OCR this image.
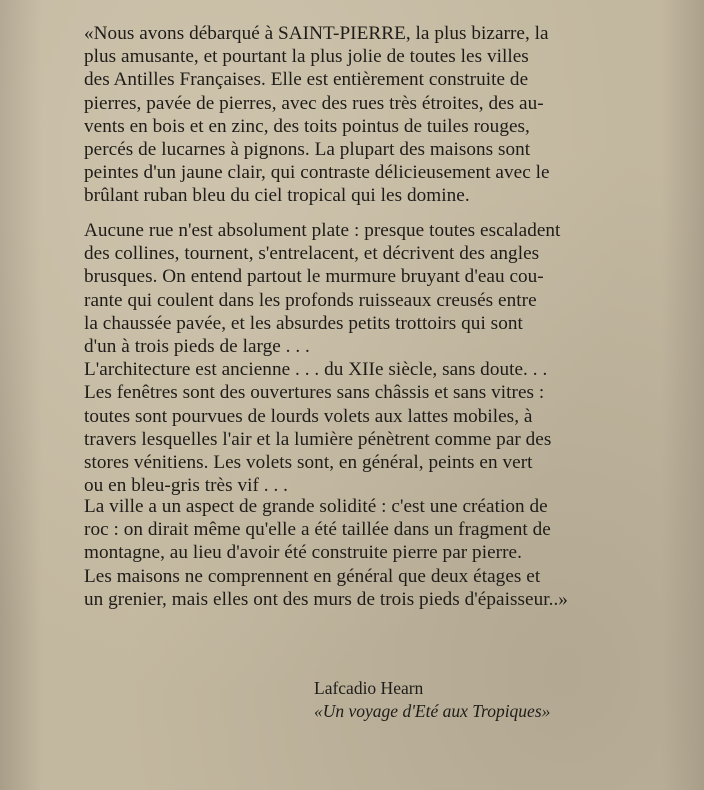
«Nous avons débarqué à SAINT-PIERRE, la plus bizarre, la
plus amusante, et pourtant la plus jolie de toutes les villes
des Antilles Françaises. Elle est entièrement construite de
pierres, pavée de pierres, avec des rues très étroites, des au-
vents en bois et en zinc, des toits pointus de tuiles rouges,
percés de lucarnes à pignons. La plupart des maisons sont
peintes d'un jaune clair, qui contraste délicieusement avec le
brûlant ruban bleu du ciel tropical qui les domine.
Aucune rue n'est absolument plate : presque toutes escaladent
des collines, tournent, s'entrelacent, et décrivent des angles
brusques. On entend partout le murmure bruyant d'eau cou-
rante qui coulent dans les profonds ruisseaux creusés entre
la chaussée pavée, et les absurdes petits trottoirs qui sont
d'un à trois pieds de large . . .
L'architecture est ancienne . . . du XIIe siècle, sans doute. . .
Les fenêtres sont des ouvertures sans châssis et sans vitres :
toutes sont pourvues de lourds volets aux lattes mobiles, à
travers lesquelles l'air et la lumière pénètrent comme par des
stores vénitiens. Les volets sont, en général, peints en vert
ou en bleu-gris très vif . . .
La ville a un aspect de grande solidité : c'est une création de
roc : on dirait même qu'elle a été taillée dans un fragment de
montagne, au lieu d'avoir été construite pierre par pierre.
Les maisons ne comprennent en général que deux étages et
un grenier, mais elles ont des murs de trois pieds d'épaisseur..»
Lafcadio Hearn
«Un voyage d'Eté aux Tropiques»
